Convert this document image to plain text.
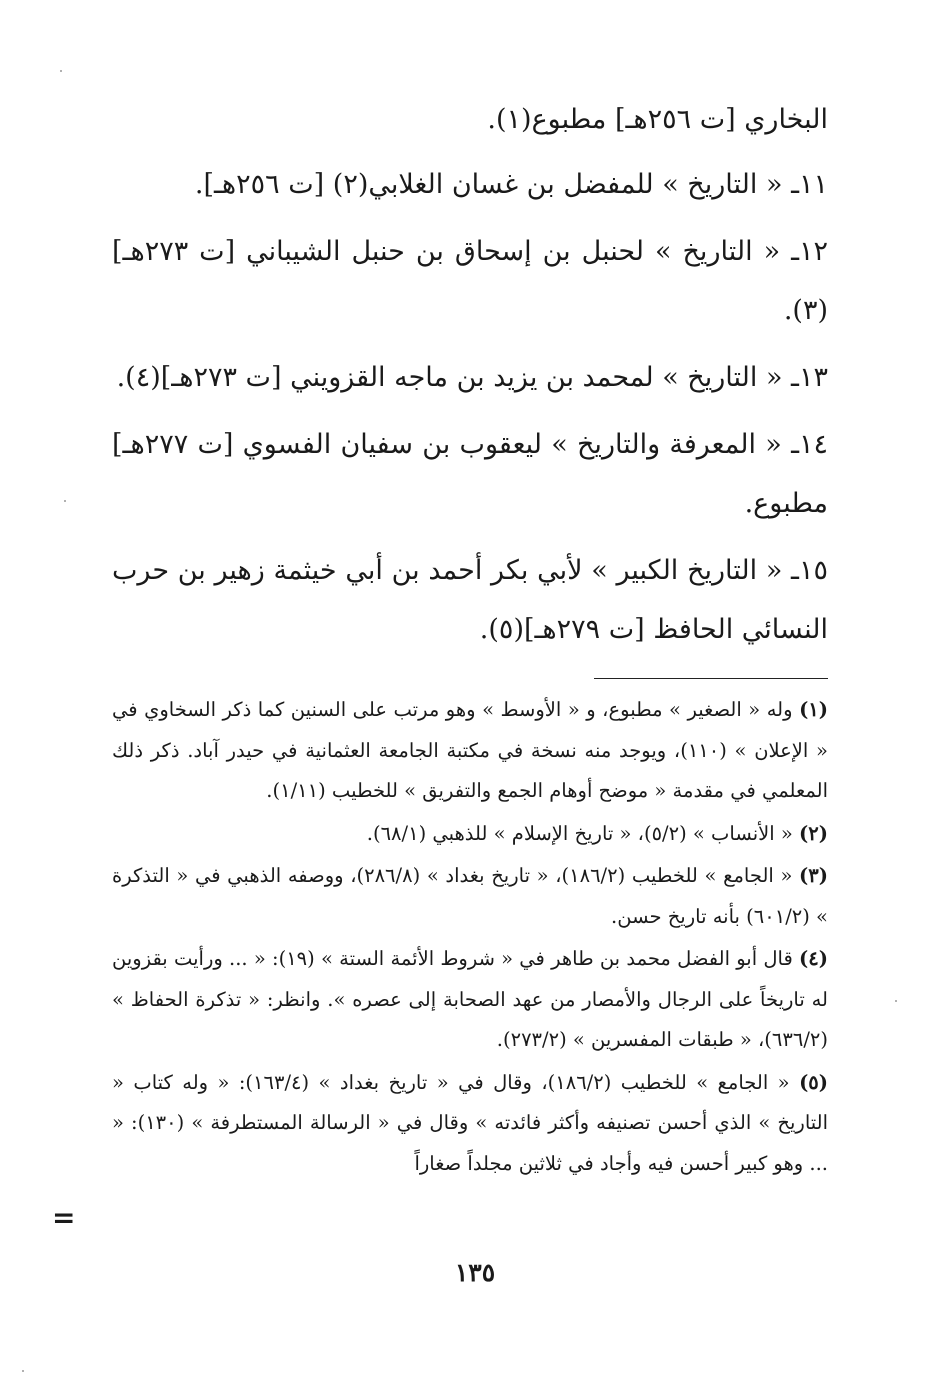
البخاري [ت ٢٥٦هـ] مطبوع(١).

١١ـ « التاريخ » للمفضل بن غسان الغلابي(٢) [ت ٢٥٦هـ].

١٢ـ « التاريخ » لحنبل بن إسحاق بن حنبل الشيباني [ت ٢٧٣هـ](٣).

١٣ـ « التاريخ » لمحمد بن يزيد بن ماجه القزويني [ت ٢٧٣هـ](٤).

١٤ـ « المعرفة والتاريخ » ليعقوب بن سفيان الفسوي [ت ٢٧٧هـ] مطبوع.

١٥ـ « التاريخ الكبير » لأبي بكر أحمد بن أبي خيثمة زهير بن حرب النسائي الحافظ [ت ٢٧٩هـ](٥).

(١) وله « الصغير » مطبوع، و « الأوسط » وهو مرتب على السنين كما ذكر السخاوي في « الإعلان » (١١٠)، ويوجد منه نسخة في مكتبة الجامعة العثمانية في حيدر آباد. ذكر ذلك المعلمي في مقدمة « موضح أوهام الجمع والتفريق » للخطيب (١/١١).

(٢) « الأنساب » (٥/٢)، « تاريخ الإسلام » للذهبي (٦٨/١).

(٣) « الجامع » للخطيب (١٨٦/٢)، « تاريخ بغداد » (٢٨٦/٨)، ووصفه الذهبي في « التذكرة » (٦٠١/٢) بأنه تاريخ حسن.

(٤) قال أبو الفضل محمد بن طاهر في « شروط الأئمة الستة » (١٩): « ... ورأيت بقزوين له تاريخاً على الرجال والأمصار من عهد الصحابة إلى عصره ». وانظر: « تذكرة الحفاظ » (٦٣٦/٢)، « طبقات المفسرين » (٢٧٣/٢).

(٥) « الجامع » للخطيب (١٨٦/٢)، وقال في « تاريخ بغداد » (١٦٣/٤): « وله كتاب « التاريخ » الذي أحسن تصنيفه وأكثر فائدته » وقال في « الرسالة المستطرفة » (١٣٠): « ... وهو كبير أحسن فيه وأجاد في ثلاثين مجلداً صغاراً

=
١٣٥
